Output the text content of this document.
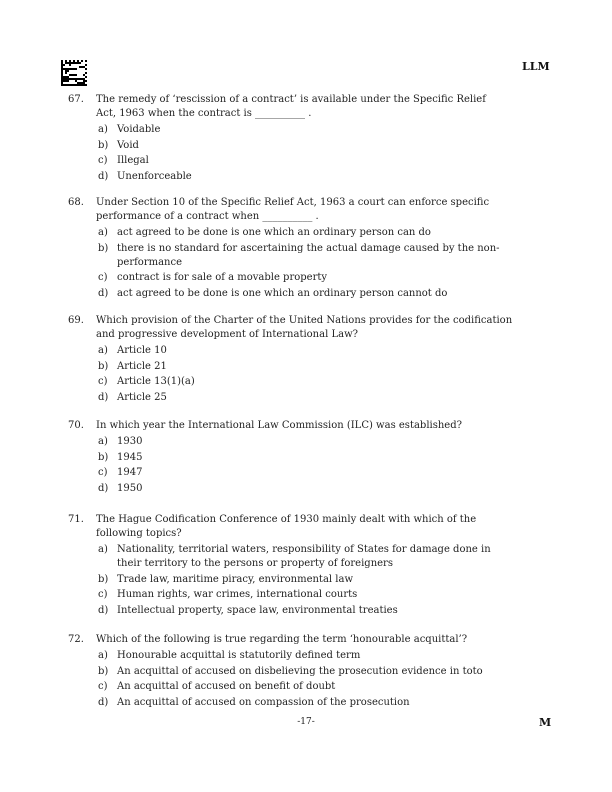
LLM
67. The remedy of ‘rescission of a contract’ is available under the Specific Relief
Act, 1963 when the contract is __________ .
a) Voidable
b) Void
c) Illegal
d) Unenforceable
68. Under Section 10 of the Specific Relief Act, 1963 a court can enforce specific
performance of a contract when __________ .
a) act agreed to be done is one which an ordinary person can do
b) there is no standard for ascertaining the actual damage caused by the non-
performance
c) contract is for sale of a movable property
d) act agreed to be done is one which an ordinary person cannot do
69. Which provision of the Charter of the United Nations provides for the codification
and progressive development of International Law?
a) Article 10
b) Article 21
c) Article 13(1)(a)
d) Article 25
70. In which year the International Law Commission (ILC) was established?
a) 1930
b) 1945
c) 1947
d) 1950
71. The Hague Codification Conference of 1930 mainly dealt with which of the
following topics?
a) Nationality, territorial waters, responsibility of States for damage done in
their territory to the persons or property of foreigners
b) Trade law, maritime piracy, environmental law
c) Human rights, war crimes, international courts
d) Intellectual property, space law, environmental treaties
72. Which of the following is true regarding the term ‘honourable acquittal’?
a) Honourable acquittal is statutorily defined term
b) An acquittal of accused on disbelieving the prosecution evidence in toto
c) An acquittal of accused on benefit of doubt
d) An acquittal of accused on compassion of the prosecution
-17-	M
